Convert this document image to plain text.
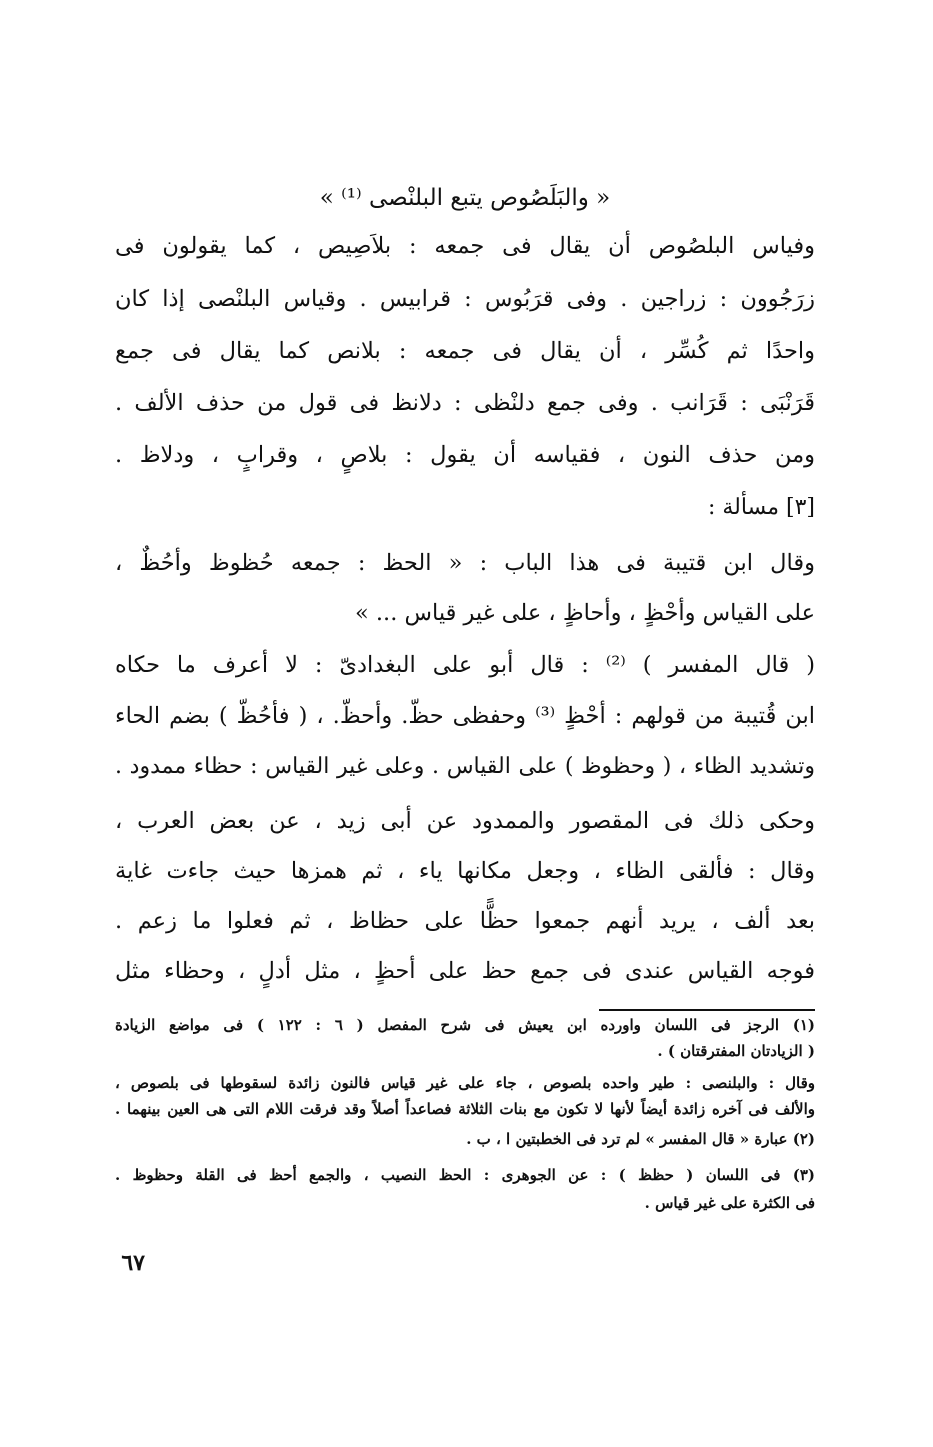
« والبَلَصُوص يتبع البلنْصى ⁽¹⁾ »
وفياس البلصُوص أن يقال فى جمعه : بلاَصِيص ، كما يقولون فى
زرَجُوون : زراجين . وفى قرَبُوس : قرابيس . وقياس البلنْصى إذا كان
واحدًا ثم كُسِّر ، أن يقال فى جمعه : بلانص كما يقال فى جمع
قَرَنْبَى : قَرَانب . وفى جمع دلنْظى : دلانظ فى قول من حذف الألف .
ومن حذف النون ، فقياسه أن يقول : بلاصٍ ، وقرابٍ ، ودلاظ .
[٣] مسألة :
وقال ابن قتيبة فى هذا الباب : « الحظ : جمعه حُظوظ وأحُظٌ ،
على القياس وأحْظٍ ، وأحاظٍ ، على غير قياس ... »
( قال المفسر ) ⁽²⁾ : قال أبو على البغدادىّ : لا أعرف ما حكاه
ابن قُتيبة من قولهم : أحْظٍ ⁽³⁾ وحفظى حظّ. وأحظّ. ، ( فأحُظّ ) بضم الحاء
وتشديد الظاء ، ( وحظوظ ) على القياس . وعلى غير القياس : حظاء ممدود .
وحكى ذلك فى المقصور والممدود عن أبى زيد ، عن بعض العرب ،
وقال : فألقى الظاء ، وجعل مكانها ياء ، ثم همزها حيث جاءت غاية
بعد ألف ، يريد أنهم جمعوا حظًّا على حظاظ ، ثم فعلوا ما زعم .
فوجه القياس عندى فى جمع حظ على أحظٍ ، مثل أدلٍ ، وحظاء مثل
(١) الرجز فى اللسان واورده ابن يعيش فى شرح المفصل ( ٦ : ١٢٢ ) فى مواضع الزيادة
( الزيادتان المفترقتان ) .
وقال : والبلنصى : طير واحده بلصوص ، جاء على غير قياس فالنون زائدة لسقوطها فى بلصوص ،
والألف فى آخره زائدة أيضاً لأنها لا تكون مع بنات الثلاثة فصاعداً أصلاً وقد فرقت اللام التى هى العين بينهما .
(٢) عبارة « قال المفسر » لم ترد فى الخطبتين ا ، ب .
(٣) فى اللسان ( حظظ ) : عن الجوهرى : الحظ النصيب ، والجمع أحظ فى القلة وحظوظ .
فى الكثرة على غير قياس .
٦٧
